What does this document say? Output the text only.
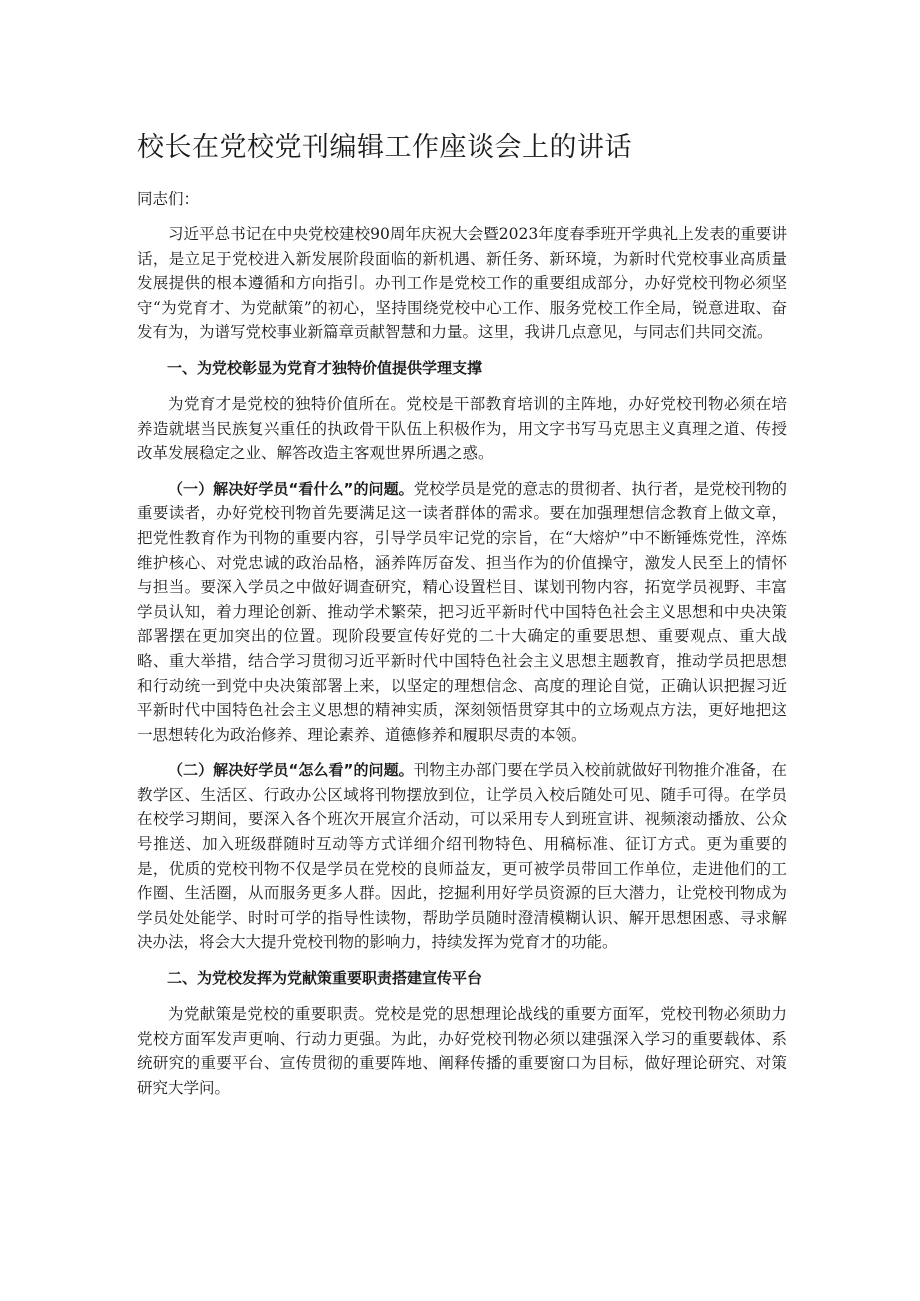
校长在党校党刊编辑工作座谈会上的讲话
同志们：

习近平总书记在中央党校建校90周年庆祝大会暨2023年度春季班开学典礼上发表的重要讲话，是立足于党校进入新发展阶段面临的新机遇、新任务、新环境，为新时代党校事业高质量发展提供的根本遵循和方向指引。办刊工作是党校工作的重要组成部分，办好党校刊物必须坚守“为党育才、为党献策”的初心，坚持围绕党校中心工作、服务党校工作全局，锐意进取、奋发有为，为谱写党校事业新篇章贡献智慧和力量。这里，我讲几点意见，与同志们共同交流。

一、为党校彰显为党育才独特价值提供学理支撑

为党育才是党校的独特价值所在。党校是干部教育培训的主阵地，办好党校刊物必须在培养造就堪当民族复兴重任的执政骨干队伍上积极作为，用文字书写马克思主义真理之道、传授改革发展稳定之业、解答改造主客观世界所遇之惑。

（一）解决好学员“看什么”的问题。党校学员是党的意志的贯彻者、执行者，是党校刊物的重要读者，办好党校刊物首先要满足这一读者群体的需求。要在加强理想信念教育上做文章，把党性教育作为刊物的重要内容，引导学员牢记党的宗旨，在“大熔炉”中不断锤炼党性，淬炼维护核心、对党忠诚的政治品格，涵养阵厉奋发、担当作为的价值操守，激发人民至上的情怀与担当。要深入学员之中做好调查研究，精心设置栏目、谋划刊物内容，拓宽学员视野、丰富学员认知，着力理论创新、推动学术繁荣，把习近平新时代中国特色社会主义思想和中央决策部署摆在更加突出的位置。现阶段要宣传好党的二十大确定的重要思想、重要观点、重大战略、重大举措，结合学习贯彻习近平新时代中国特色社会主义思想主题教育，推动学员把思想和行动统一到党中央决策部署上来，以坚定的理想信念、高度的理论自觉，正确认识把握习近平新时代中国特色社会主义思想的精神实质，深刻领悟贯穿其中的立场观点方法，更好地把这一思想转化为政治修养、理论素养、道德修养和履职尽责的本领。

（二）解决好学员“怎么看”的问题。刊物主办部门要在学员入校前就做好刊物推介准备，在教学区、生活区、行政办公区域将刊物摆放到位，让学员入校后随处可见、随手可得。在学员在校学习期间，要深入各个班次开展宣介活动，可以采用专人到班宣讲、视频滚动播放、公众号推送、加入班级群随时互动等方式详细介绍刊物特色、用稿标准、征订方式。更为重要的是，优质的党校刊物不仅是学员在党校的良师益友，更可被学员带回工作单位，走进他们的工作圈、生活圈，从而服务更多人群。因此，挖掘利用好学员资源的巨大潜力，让党校刊物成为学员处处能学、时时可学的指导性读物，帮助学员随时澄清模糊认识、解开思想困惑、寻求解决办法，将会大大提升党校刊物的影响力，持续发挥为党育才的功能。

二、为党校发挥为党献策重要职责搭建宣传平台

为党献策是党校的重要职责。党校是党的思想理论战线的重要方面军，党校刊物必须助力党校方面军发声更响、行动力更强。为此，办好党校刊物必须以建强深入学习的重要载体、系统研究的重要平台、宣传贯彻的重要阵地、阐释传播的重要窗口为目标，做好理论研究、对策研究大学问。
